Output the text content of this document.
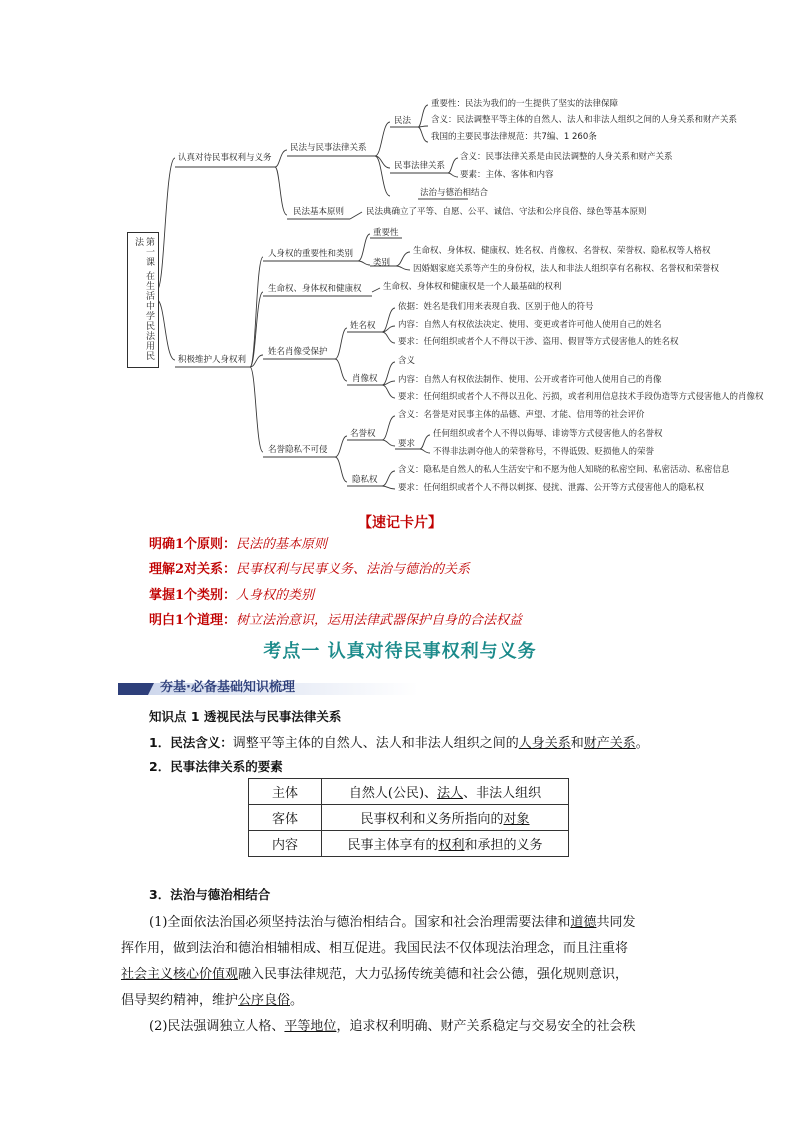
第一课 在生活中学民法用民法
认真对待民事权利与义务
民法与民事法律关系
民法
重要性：民法为我们的一生提供了坚实的法律保障
含义：民法调整平等主体的自然人、法人和非法人组织之间的人身关系和财产关系
我国的主要民事法律规范：共7编、1 260条
民事法律关系
含义：民事法律关系是由民法调整的人身关系和财产关系
要素：主体、客体和内容
法治与德治相结合
民法基本原则	民法典确立了平等、自愿、公平、诚信、守法和公序良俗、绿色等基本原则
积极维护人身权利
人身权的重要性和类别
重要性
类别
生命权、身体权、健康权、姓名权、肖像权、名誉权、荣誉权、隐私权等人格权
因婚姻家庭关系等产生的身份权，法人和非法人组织享有名称权、名誉权和荣誉权
生命权、身体权和健康权	生命权、身体权和健康权是一个人最基础的权利
姓名肖像受保护
姓名权
依据：姓名是我们用来表现自我、区别于他人的符号
内容：自然人有权依法决定、使用、变更或者许可他人使用自己的姓名
要求：任何组织或者个人不得以干涉、盗用、假冒等方式侵害他人的姓名权
肖像权
含义
内容：自然人有权依法制作、使用、公开或者许可他人使用自己的肖像
要求：任何组织或者个人不得以丑化、污损，或者利用信息技术手段伪造等方式侵害他人的肖像权
名誉隐私不可侵
名誉权
含义：名誉是对民事主体的品德、声望、才能、信用等的社会评价
要求
任何组织或者个人不得以侮辱、诽谤等方式侵害他人的名誉权
不得非法剥夺他人的荣誉称号，不得诋毁、贬损他人的荣誉
隐私权
含义：隐私是自然人的私人生活安宁和不愿为他人知晓的私密空间、私密活动、私密信息
要求：任何组织或者个人不得以刺探、侵扰、泄露、公开等方式侵害他人的隐私权
【速记卡片】
明确1个原则：民法的基本原则
理解2对关系：民事权利与民事义务、法治与德治的关系
掌握1个类别：人身权的类别
明白1个道理：树立法治意识，运用法律武器保护自身的合法权益
考点一 认真对待民事权利与义务
夯基·必备基础知识梳理
知识点 1 透视民法与民事法律关系
1．民法含义：调整平等主体的自然人、法人和非法人组织之间的人身关系和财产关系。
2．民事法律关系的要素
主体	自然人(公民)、法人、非法人组织
客体	民事权利和义务所指向的对象
内容	民事主体享有的权利和承担的义务
3．法治与德治相结合
(1)全面依法治国必须坚持法治与德治相结合。国家和社会治理需要法律和道德共同发
挥作用，做到法治和德治相辅相成、相互促进。我国民法不仅体现法治理念，而且注重将
社会主义核心价值观融入民事法律规范，大力弘扬传统美德和社会公德，强化规则意识，
倡导契约精神，维护公序良俗。
(2)民法强调独立人格、平等地位，追求权利明确、财产关系稳定与交易安全的社会秩
